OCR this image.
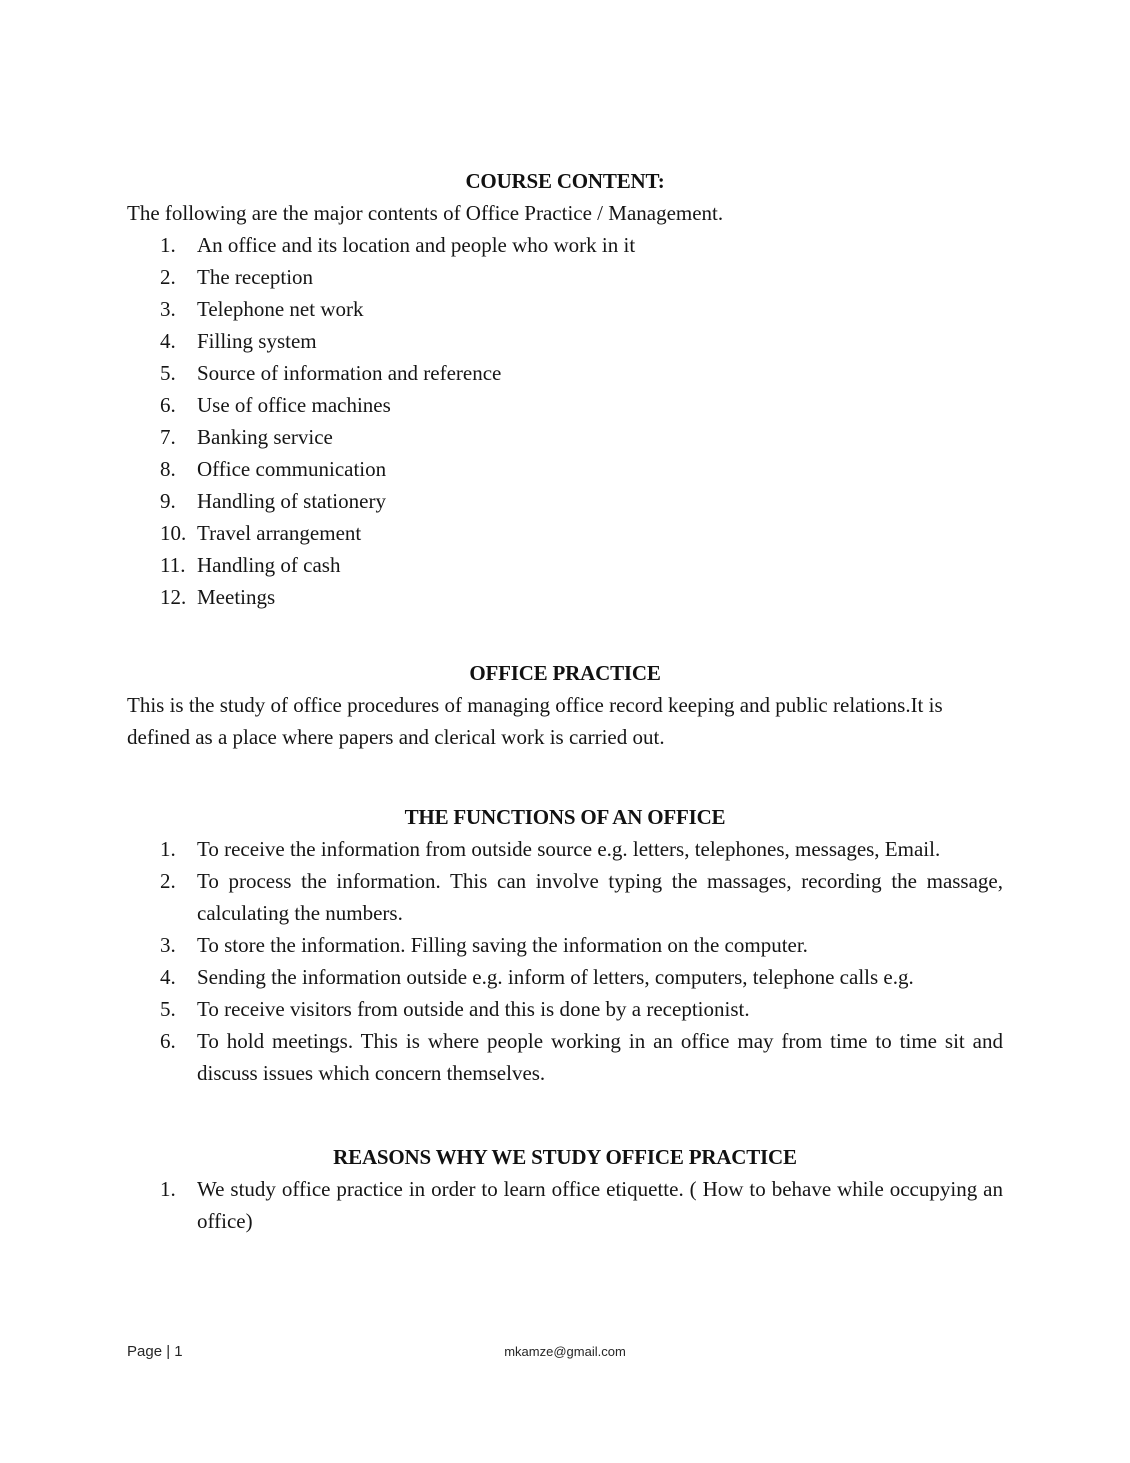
COURSE CONTENT:

The following are the major contents of Office Practice / Management.

An office and its location and people who work in it
The reception
Telephone net work
Filling system
Source of information and reference
Use of office machines
Banking service
Office communication
Handling of stationery
Travel arrangement
Handling of cash
Meetings
OFFICE PRACTICE

This is the study of office procedures of managing office record keeping and public relations.It is defined as a place where papers and clerical work is carried out.

THE FUNCTIONS OF AN OFFICE
To receive the information from outside source e.g. letters, telephones, messages, Email.
To process the information. This can involve typing the massages, recording the massage, calculating the numbers.
To store the information. Filling saving the information on the computer.
Sending the information outside e.g. inform of letters, computers, telephone calls e.g.
To receive visitors from outside and this is done by a receptionist.
To hold meetings. This is where people working in an office may from time to time sit and discuss issues which concern themselves.
REASONS WHY WE STUDY OFFICE PRACTICE
We study office practice in order to learn office etiquette. ( How to behave while occupying an office)
Page | 1	mkamze@gmail.com
